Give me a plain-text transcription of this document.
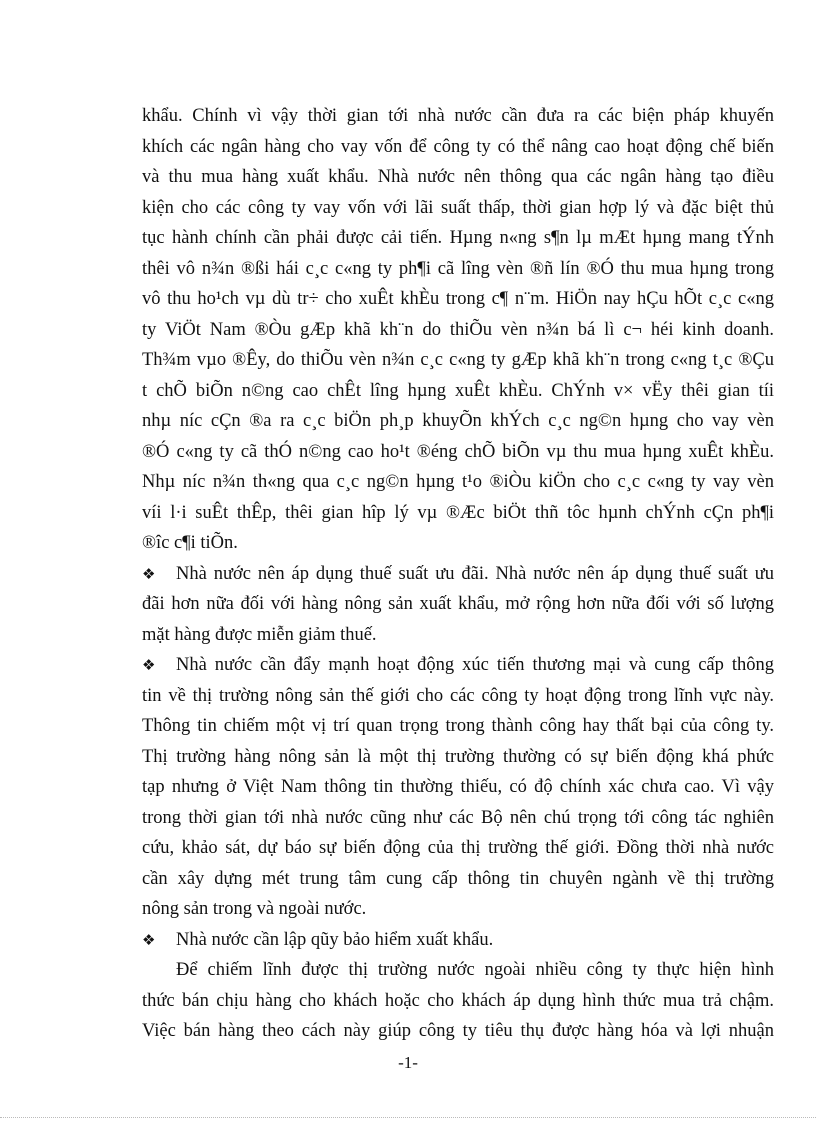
khẩu. Chính vì vậy thời gian tới nhà nước cần đưa ra các biện pháp khuyến
khích các ngân hàng cho vay vốn để công ty có thể nâng cao hoạt động chế biến
và thu mua hàng xuất khẩu. Nhà nước nên thông qua các ngân hàng tạo điều
kiện cho các công ty vay vốn với lãi suất thấp, thời gian hợp lý và đặc biệt thủ
tục hành chính cần phải được cải tiến. Hµng n«ng s¶n lµ mÆt hµng mang tÝnh
thêi vô n¾n ®ßi hái c¸c c«ng ty ph¶i cã lîng vèn ®ñ lín ®Ó thu mua hµng trong
vô thu ho¹ch vµ dù tr÷ cho xuÊt khÈu trong c¶ n¨m. HiÖn nay hÇu hÕt c¸c c«ng
ty ViÖt Nam ®Òu gÆp khã kh¨n do thiÕu vèn n¾n bá lì c¬ héi kinh doanh.
Th¾m vµo ®Êy, do thiÕu vèn n¾n c¸c c«ng ty gÆp khã kh¨n trong c«ng t¸c ®Çu
t chÕ biÕn n©ng cao chÊt lîng hµng xuÊt khÈu. ChÝnh v× vËy thêi gian tíi
nhµ níc cÇn ®a ra c¸c biÖn ph¸p khuyÕn khÝch c¸c ng©n hµng cho vay vèn
®Ó c«ng ty cã thÓ n©ng cao ho¹t ®éng chÕ biÕn vµ thu mua hµng xuÊt khÈu.
Nhµ níc n¾n th«ng qua c¸c ng©n hµng t¹o ®iÒu kiÖn cho c¸c c«ng ty vay vèn
víi l·i suÊt thÊp, thêi gian hîp lý vµ ®Æc biÖt thñ tôc hµnh chÝnh cÇn ph¶i
®îc c¶i tiÕn.
❖	Nhà nước nên áp dụng thuế suất ưu đãi. Nhà nước nên áp dụng thuế suất ưu
đãi hơn nữa đối với hàng nông sản xuất khẩu, mở rộng hơn nữa đối với số lượng
mặt hàng được miễn giảm thuế.
❖	Nhà nước cần đẩy mạnh hoạt động xúc tiến thương mại và cung cấp thông
tin về thị trường nông sản thế giới cho các công ty hoạt động trong lĩnh vực này.
Thông tin chiếm một vị trí quan trọng trong thành công hay thất bại của công ty.
Thị trường hàng nông sản là một thị trường thường có sự biến động khá phức
tạp nhưng ở Việt Nam thông tin thường thiếu, có độ chính xác chưa cao. Vì vậy
trong thời gian tới nhà nước cũng như các Bộ nên chú trọng tới công tác nghiên
cứu, khảo sát, dự báo sự biến động của thị trường thế giới. Đồng thời nhà nước
cần xây dựng mét trung tâm cung cấp thông tin chuyên ngành về thị trường
nông sản trong và ngoài nước.
❖	Nhà nước cần lập qũy bảo hiểm xuất khẩu.
Để chiếm lĩnh được thị trường nước ngoài nhiều công ty thực hiện hình
thức bán chịu hàng cho khách hoặc cho khách áp dụng hình thức mua trả chậm.
Việc bán hàng theo cách này giúp công ty tiêu thụ được hàng hóa và lợi nhuận
-1-
